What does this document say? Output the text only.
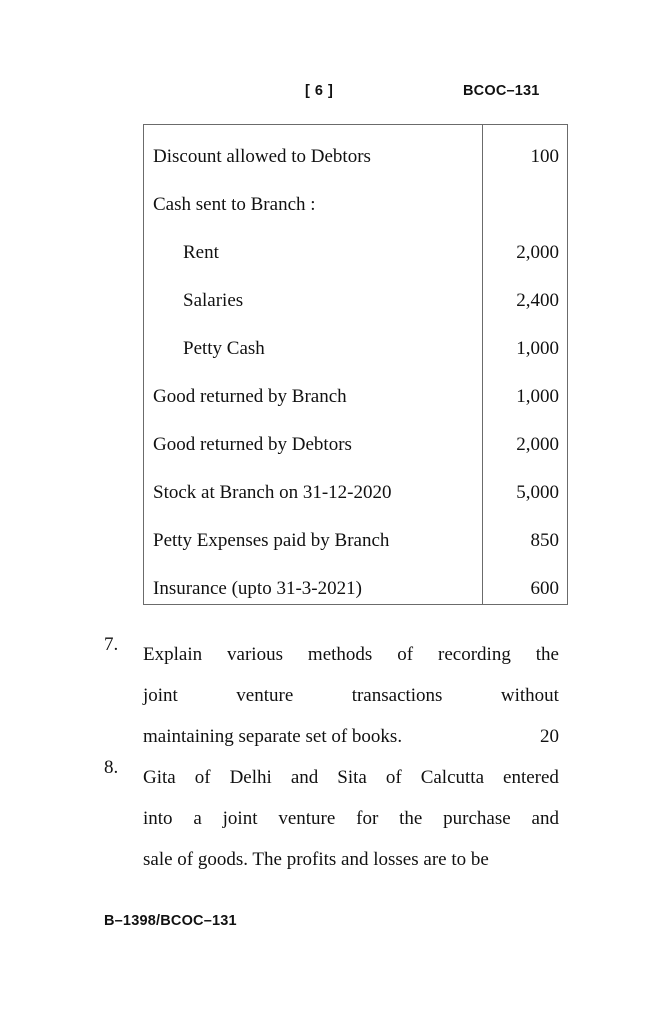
[ 6 ]	BCOC–131
Discount allowed to Debtors	100
Cash sent to Branch :
Rent	2,000
Salaries	2,400
Petty Cash	1,000
Good returned by Branch	1,000
Good returned by Debtors	2,000
Stock at Branch on 31-12-2020	5,000
Petty Expenses paid by Branch	850
Insurance (upto 31-3-2021)	600
7.	Explain various methods of recording the
joint	venture	transactions	without
maintaining separate set of books.	20
8.	Gita of Delhi and Sita of Calcutta entered
into a joint venture for the purchase and
sale of goods. The profits and losses are to be
B–1398/BCOC–131
